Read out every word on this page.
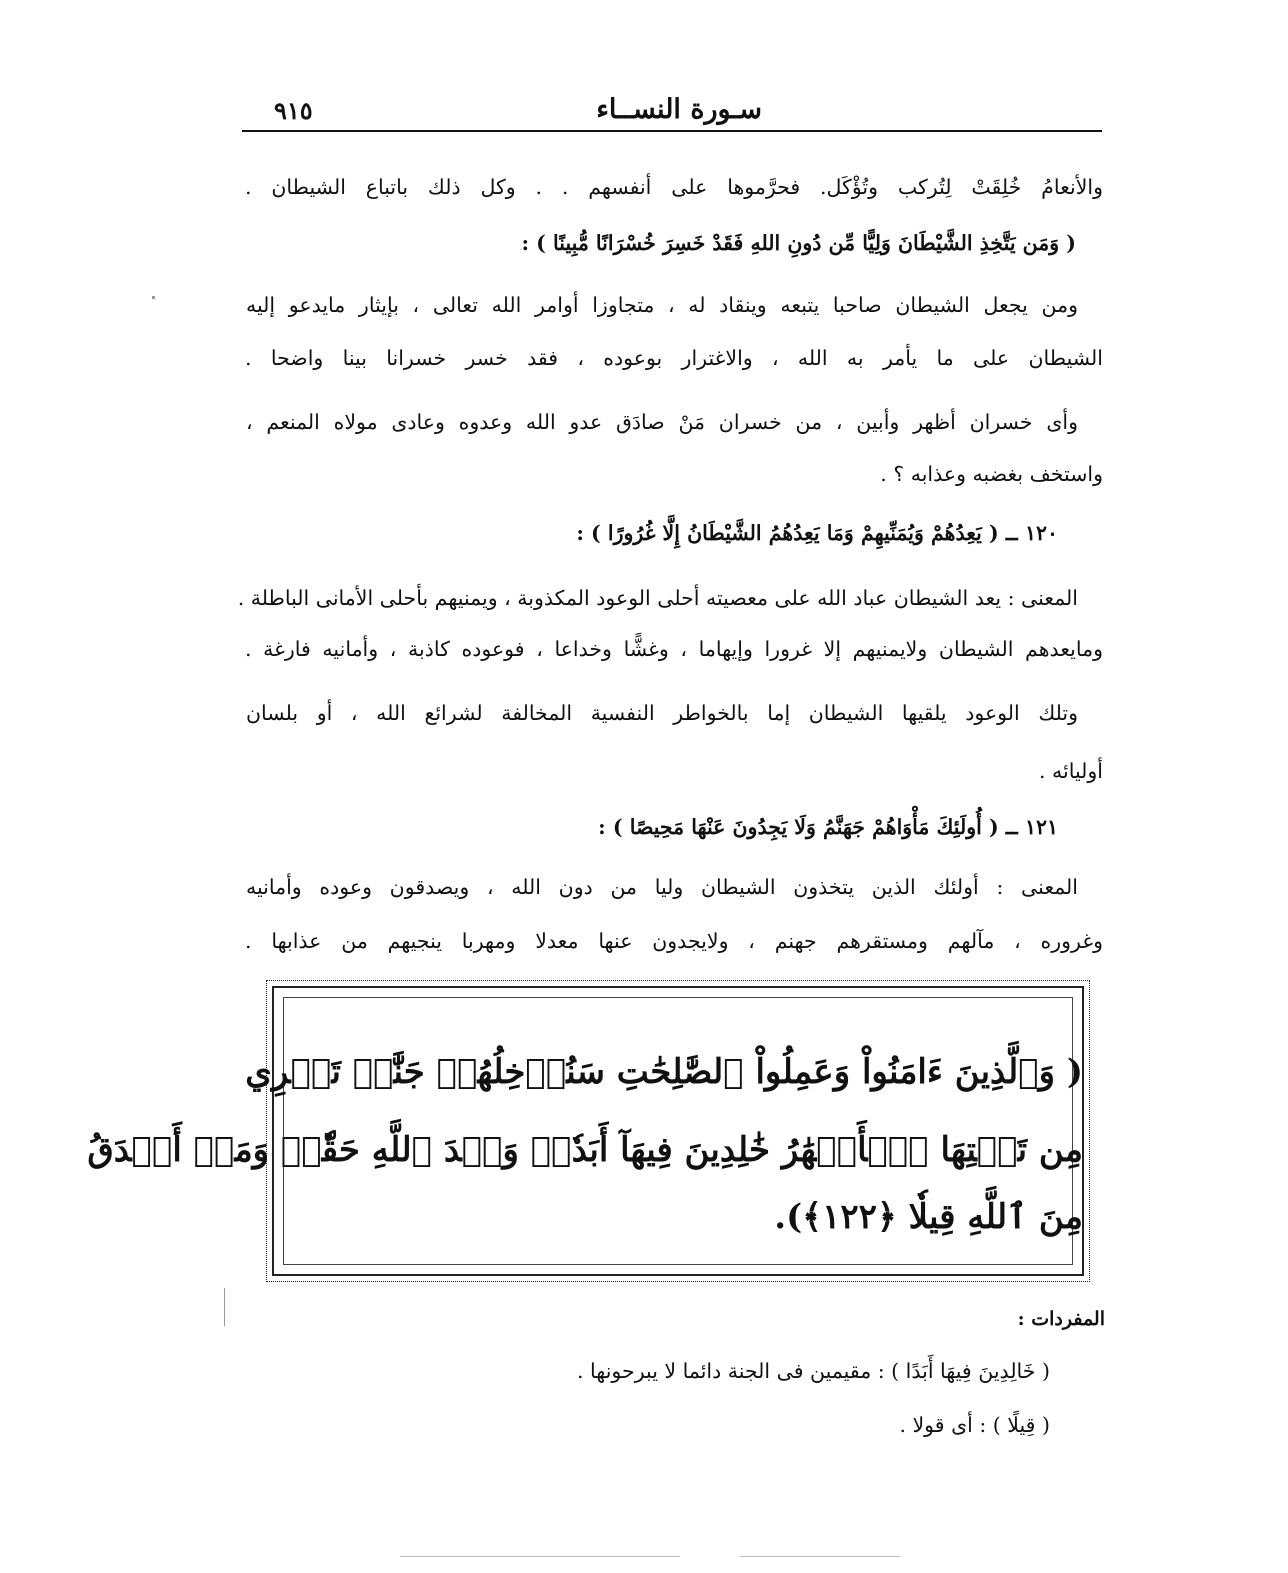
سـورة النســاء
٩١٥
والأنعامُ خُلِقَتْ لِتُركب وتُؤْكَل. فحرَّموها على أنفسهم . . وكل ذلك باتباع الشيطان .
( وَمَن يَتَّخِذِ الشَّيْطَانَ وَلِيًّا مِّن دُونِ اللهِ فَقَدْ خَسِرَ خُسْرَانًا مُّبِينًا ) :
ومن يجعل الشيطان صاحبا يتبعه وينقاد له ، متجاوزا أوامر الله تعالى ، بإيثار مايدعو إليه
الشيطان على ما يأمر به الله ، والاغترار بوعوده ، فقد خسر خسرانا بينا واضحا .
وأى خسران أظهر وأبين ، من خسران مَنْ صادَق عدو الله وعدوه وعادى مولاه المنعم ،
واستخف بغضبه وعذابه ؟ .
١٢٠ ــ ( يَعِدُهُمْ وَيُمَنِّيهِمْ وَمَا يَعِدُهُمُ الشَّيْطَانُ إِلَّا غُرُورًا ) :
المعنى : يعد الشيطان عباد الله على معصيته أحلى الوعود المكذوبة ، ويمنيهم بأحلى الأمانى الباطلة .
ومايعدهم الشيطان ولايمنيهم إلا غرورا وإيهاما ، وغشًّا وخداعا ، فوعوده كاذبة ، وأمانيه فارغة .
وتلك الوعود يلقيها الشيطان إما بالخواطر النفسية المخالفة لشرائع الله ، أو بلسان
أوليائه .
١٢١ ــ ( أُولَئِكَ مَأْوَاهُمْ جَهَنَّمُ وَلَا يَجِدُونَ عَنْهَا مَحِيصًا ) :
المعنى : أولئك الذين يتخذون الشيطان وليا من دون الله ، ويصدقون وعوده وأمانيه
وغروره ، مآلهم ومستقرهم جهنم ، ولايجدون عنها معدلا ومهربا ينجيهم من عذابها .
( وَٱلَّذِينَ ءَامَنُواْ وَعَمِلُواْ ٱلصَّٰلِحَٰتِ سَنُدۡخِلُهُمۡ جَنَّٰتٖ تَجۡرِي
مِن تَحۡتِهَا ٱلۡأَنۡهَٰرُ خَٰلِدِينَ فِيهَآ أَبَدٗاۖ وَعۡدَ ٱللَّهِ حَقّٗاۚ وَمَنۡ أَصۡدَقُ
مِنَ ٱللَّهِ قِيلٗا ﴿١٢٢﴾).
المفردات :
( خَالِدِينَ فِيهَا أَبَدًا ) : مقيمين فى الجنة دائما لا يبرحونها .
( قِيلًا ) : أى قولا .
